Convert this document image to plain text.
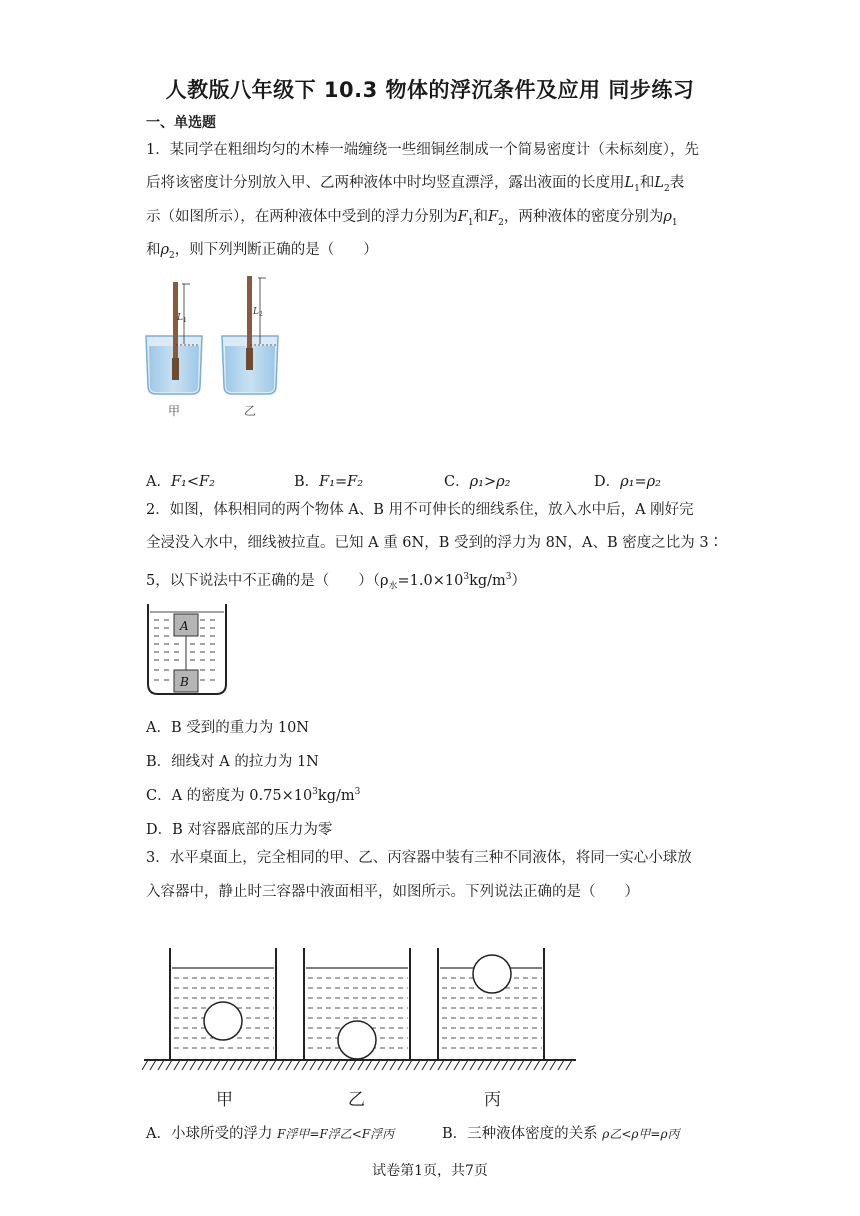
人教版八年级下 10.3 物体的浮沉条件及应用 同步练习
一、单选题
1．某同学在粗细均匀的木棒一端缠绕一些细铜丝制成一个简易密度计（未标刻度），先
后将该密度计分别放入甲、乙两种液体中时均竖直漂浮，露出液面的长度用$L_1$和$L_2$表
示（如图所示），在两种液体中受到的浮力分别为$F_1$和$F_2$，两种液体的密度分别为$\rho_1$
和$\rho_2$，则下列判断正确的是（　　）
L 1
L 2
甲	乙
A．F₁<F₂	B．F₁=F₂	C．ρ₁>ρ₂	D．ρ₁=ρ₂
2．如图，体积相同的两个物体 A、B 用不可伸长的细线系住，放入水中后，A 刚好完
全浸没入水中，细线被拉直。已知 A 重 6N，B 受到的浮力为 8N，A、B 密度之比为 3∶
5，以下说法中不正确的是（　　）$(\rho_水=1.0\times 10^3kg/m^3)$
A
B
A．B 受到的重力为 10N
B．细线对 A 的拉力为 1N
C．A 的密度为 $0.75\times 10^3kg/m^3$
D．B 对容器底部的压力为零
3．水平桌面上，完全相同的甲、乙、丙容器中装有三种不同液体，将同一实心小球放
入容器中，静止时三容器中液面相平，如图所示。下列说法正确的是（　　）
甲	乙	丙
A．小球所受的浮力 F浮甲=F浮乙<F浮丙	B．三种液体密度的关系 ρ乙<ρ甲=ρ丙
试卷第1页，共7页
